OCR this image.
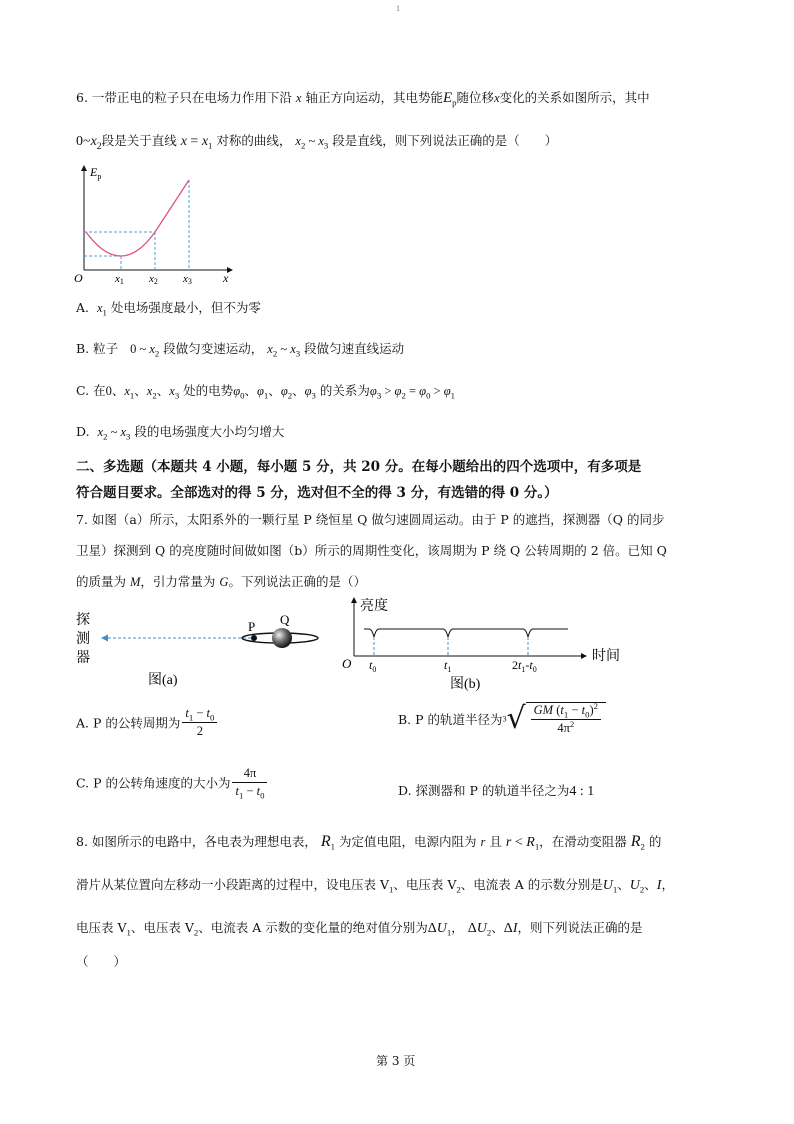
1
6. 一带正电的粒子只在电场力作用下沿 x 轴正方向运动，其电势能$E_p$随位移x变化的关系如图所示，其中
$0\sim x_2$段是关于直线 $x = x_1$ 对称的曲线， $x_2$ ~ $x_3$ 段是直线，则下列说法正确的是（　　）
$E_p$
O	x
x1 x2 x3
A. $x_1$ 处电场强度最小，但不为零
B. 粒子 0 ~ $x_2$ 段做匀变速运动， $x_2$ ~ $x_3$ 段做匀速直线运动
C. 在0、$x_1$、$x_2$、$x_3$ 处的电势$\varphi_0$、$\varphi_1$、$\varphi_2$、$\varphi_3$ 的关系为$\varphi_3 > \varphi_2 = \varphi_0 > \varphi_1$
D. $x_2$ ~ $x_3$ 段的电场强度大小均匀增大
二、多选题（本题共 4 小题，每小题 5 分，共 20 分。在每小题给出的四个选项中，有多项是
符合题目要求。全部选对的得 5 分，选对但不全的得 3 分，有选错的得 0 分。）
7. 如图（a）所示，太阳系外的一颗行星 P 绕恒星 Q 做匀速圆周运动。由于 P 的遮挡，探测器（Q 的同步
卫星）探测到 Q 的亮度随时间做如图（b）所示的周期性变化，该周期为 P 绕 Q 公转周期的 2 倍。已知 Q
的质量为 M，引力常量为 G。下列说法正确的是（）
探
测
器
P Q
图(a)
亮度
时间
O $t_0$	$t_1$	$2t_1-t_0$
图(b)
A. P 的公转周期为 $\frac{t_1 - t_0}{2}$	B. P 的轨道半径为$3√ \frac{GM (t_1 - t_0)^2}{4\pi^2}$
C. P 的公转角速度的大小为 $\frac{4\pi}{t_1 - t_0}$	D. 探测器和 P 的轨道半径之为4 : 1
8. 如图所示的电路中，各电表为理想电表， $R_1$ 为定值电阻，电源内阻为 r 且 $r < R_1$，在滑动变阻器 $R_2$ 的
滑片从某位置向左移动一小段距离的过程中，设电压表 $V_1$、电压表 $V_2$、电流表 A 的示数分别是$U_1$、$U_2$、I，
电压表 $V_1$、电压表 $V_2$、电流表 A 示数的变化量的绝对值分别为$\Delta U_1$， $\Delta U_2$、ΔI，则下列说法正确的是
（　　）
第 3 页
